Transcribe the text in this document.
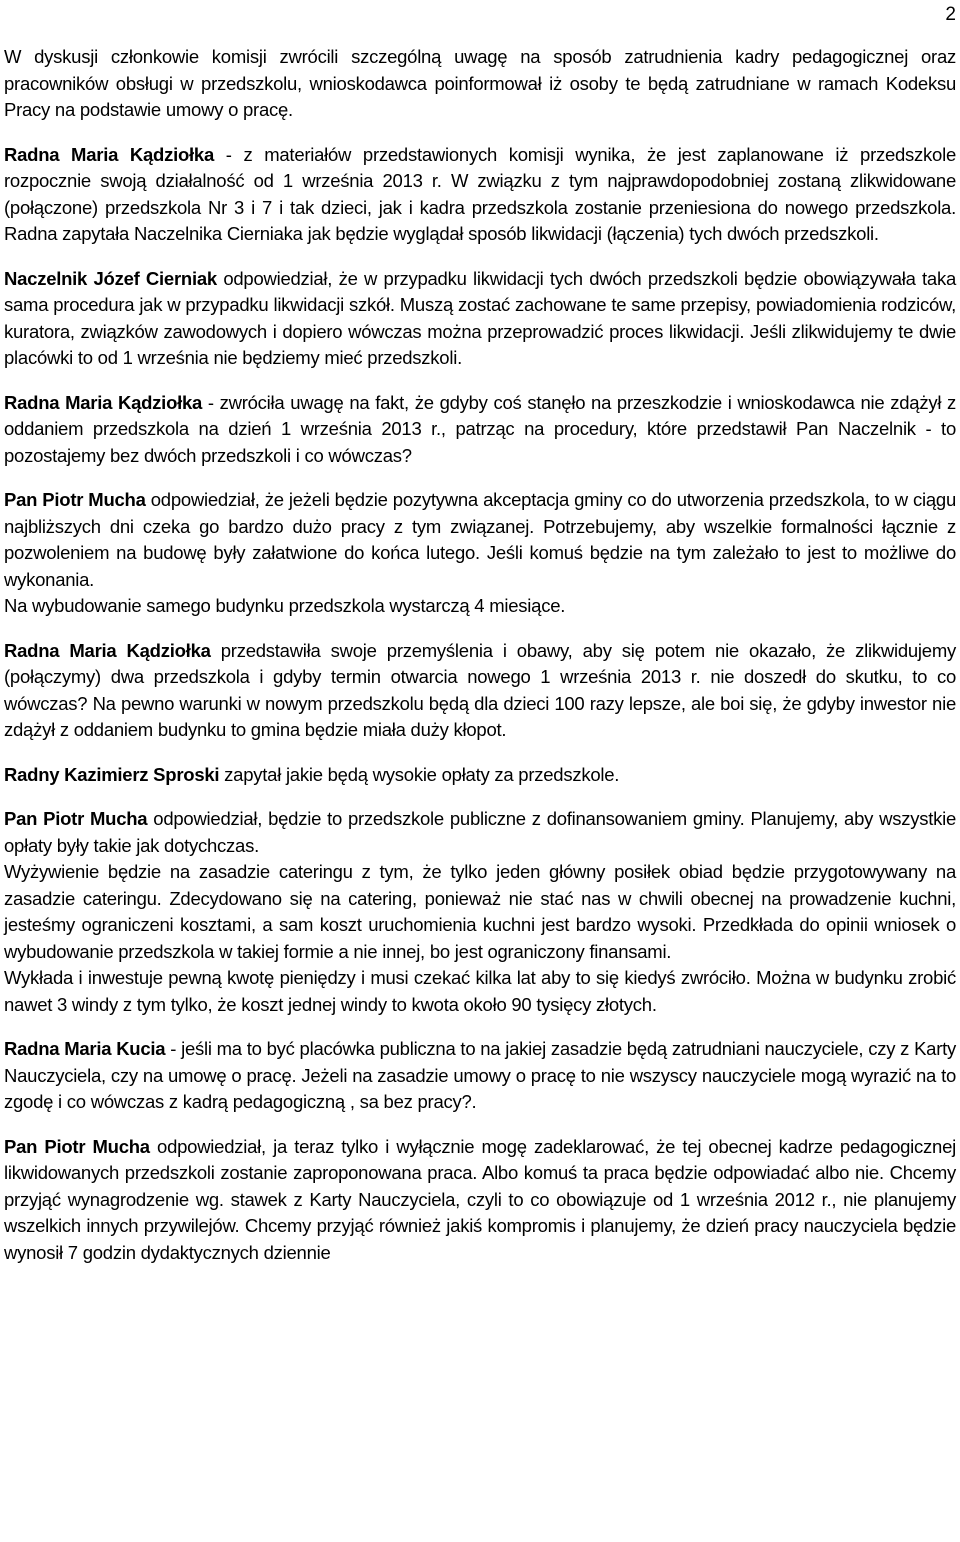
2

W dyskusji członkowie komisji zwrócili szczególną uwagę na sposób zatrudnienia kadry pedagogicznej oraz pracowników obsługi w przedszkolu, wnioskodawca poinformował iż osoby te będą zatrudniane w ramach Kodeksu Pracy na podstawie umowy o pracę.

Radna Maria Kądziołka - z materiałów przedstawionych komisji wynika, że jest zaplanowane iż przedszkole rozpocznie swoją działalność od 1 września 2013 r. W związku z tym najprawdopodobniej zostaną zlikwidowane (połączone) przedszkola Nr 3 i 7 i tak dzieci, jak i kadra przedszkola zostanie przeniesiona do nowego przedszkola. Radna zapytała Naczelnika Cierniaka jak będzie wyglądał sposób likwidacji (łączenia) tych dwóch przedszkoli.

Naczelnik Józef Cierniak odpowiedział, że w przypadku likwidacji tych dwóch przedszkoli będzie obowiązywała taka sama procedura jak w przypadku likwidacji szkół. Muszą zostać zachowane te same przepisy, powiadomienia rodziców, kuratora, związków zawodowych i dopiero wówczas można przeprowadzić proces likwidacji. Jeśli zlikwidujemy te dwie placówki to od 1 września nie będziemy mieć przedszkoli.

Radna Maria Kądziołka - zwróciła uwagę na fakt, że gdyby coś stanęło na przeszkodzie i wnioskodawca nie zdążył z oddaniem przedszkola na dzień 1 września 2013 r., patrząc na procedury, które przedstawił Pan Naczelnik - to pozostajemy bez dwóch przedszkoli i co wówczas?

Pan Piotr Mucha odpowiedział, że jeżeli będzie pozytywna akceptacja gminy co do utworzenia przedszkola, to w ciągu najbliższych dni czeka go bardzo dużo pracy z tym związanej. Potrzebujemy, aby wszelkie formalności łącznie z pozwoleniem na budowę były załatwione do końca lutego. Jeśli komuś będzie na tym zależało to jest to możliwe do wykonania.

Na wybudowanie samego budynku przedszkola wystarczą 4 miesiące.

Radna Maria Kądziołka przedstawiła swoje przemyślenia i obawy, aby się potem nie okazało, że zlikwidujemy (połączymy) dwa przedszkola i gdyby termin otwarcia nowego 1 września 2013 r. nie doszedł do skutku, to co wówczas? Na pewno warunki w nowym przedszkolu będą dla dzieci 100 razy lepsze, ale boi się, że gdyby inwestor nie zdążył z oddaniem budynku to gmina będzie miała duży kłopot.

Radny Kazimierz Sproski zapytał jakie będą wysokie opłaty za przedszkole.

Pan Piotr Mucha odpowiedział, będzie to przedszkole publiczne z dofinansowaniem gminy. Planujemy, aby wszystkie opłaty były takie jak dotychczas.

Wyżywienie będzie na zasadzie cateringu z tym, że tylko jeden główny posiłek obiad będzie przygotowywany na zasadzie cateringu. Zdecydowano się na catering, ponieważ nie stać nas w chwili obecnej na prowadzenie kuchni, jesteśmy ograniczeni kosztami, a sam koszt uruchomienia kuchni jest bardzo wysoki. Przedkłada do opinii wniosek o wybudowanie przedszkola w takiej formie a nie innej, bo jest ograniczony finansami.

Wykłada i inwestuje pewną kwotę pieniędzy i musi czekać kilka lat aby to się kiedyś zwróciło. Można w budynku zrobić nawet 3 windy z tym tylko, że koszt jednej windy to kwota około 90 tysięcy złotych.

Radna Maria Kucia - jeśli ma to być placówka publiczna to na jakiej zasadzie będą zatrudniani nauczyciele, czy z Karty Nauczyciela, czy na umowę o pracę. Jeżeli na zasadzie umowy o pracę to nie wszyscy nauczyciele mogą wyrazić na to zgodę i co wówczas z kadrą pedagogiczną , sa bez pracy?.

Pan Piotr Mucha odpowiedział, ja teraz tylko i wyłącznie mogę zadeklarować, że tej obecnej kadrze pedagogicznej likwidowanych przedszkoli zostanie zaproponowana praca. Albo komuś ta praca będzie odpowiadać albo nie. Chcemy przyjąć wynagrodzenie wg. stawek z Karty Nauczyciela, czyli to co obowiązuje od 1 września 2012 r., nie planujemy wszelkich innych przywilejów. Chcemy przyjąć również jakiś kompromis i planujemy, że dzień pracy nauczyciela będzie wynosił 7 godzin dydaktycznych dziennie
